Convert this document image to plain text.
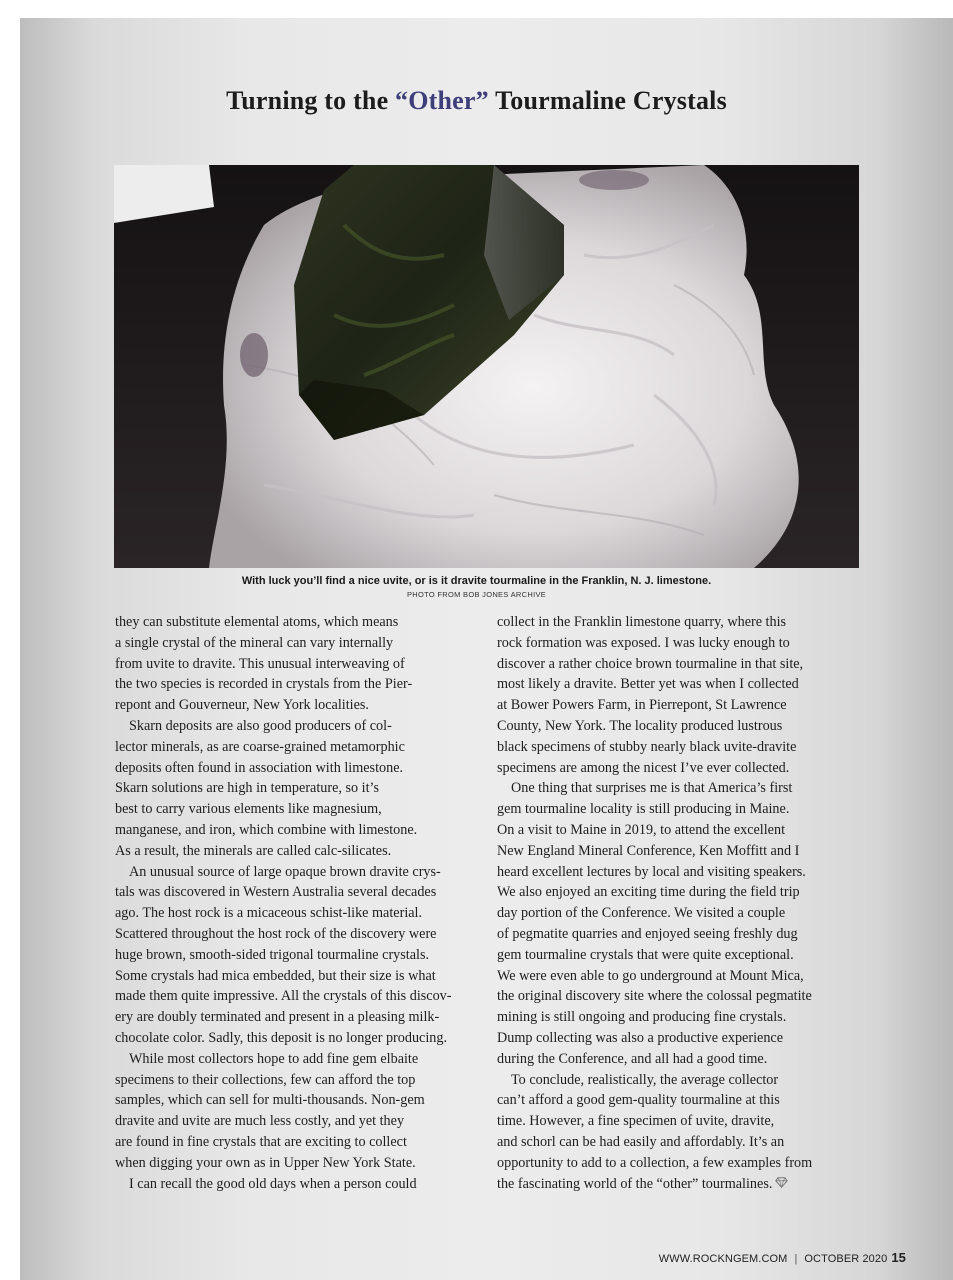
Turning to the “Other” Tourmaline Crystals
With luck you’ll find a nice uvite, or is it dravite tourmaline in the Franklin, N. J. limestone.
PHOTO FROM BOB JONES ARCHIVE

they can substitute elemental atoms, which means
a single crystal of the mineral can vary internally
from uvite to dravite. This unusual interweaving of
the two species is recorded in crystals from the Pier-
repont and Gouverneur, New York localities.

Skarn deposits are also good producers of col-
lector minerals, as are coarse-grained metamorphic
deposits often found in association with limestone.
Skarn solutions are high in temperature, so it’s
best to carry various elements like magnesium,
manganese, and iron, which combine with limestone.
As a result, the minerals are called calc-silicates.

An unusual source of large opaque brown dravite crys-
tals was discovered in Western Australia several decades
ago. The host rock is a micaceous schist-like material.
Scattered throughout the host rock of the discovery were
huge brown, smooth-sided trigonal tourmaline crystals.
Some crystals had mica embedded, but their size is what
made them quite impressive. All the crystals of this discov-
ery are doubly terminated and present in a pleasing milk-
chocolate color. Sadly, this deposit is no longer producing.

While most collectors hope to add fine gem elbaite
specimens to their collections, few can afford the top
samples, which can sell for multi-thousands. Non-gem
dravite and uvite are much less costly, and yet they
are found in fine crystals that are exciting to collect
when digging your own as in Upper New York State.

I can recall the good old days when a person could

collect in the Franklin limestone quarry, where this
rock formation was exposed. I was lucky enough to
discover a rather choice brown tourmaline in that site,
most likely a dravite. Better yet was when I collected
at Bower Powers Farm, in Pierrepont, St Lawrence
County, New York. The locality produced lustrous
black specimens of stubby nearly black uvite-dravite
specimens are among the nicest I’ve ever collected.

One thing that surprises me is that America’s first
gem tourmaline locality is still producing in Maine.
On a visit to Maine in 2019, to attend the excellent
New England Mineral Conference, Ken Moffitt and I
heard excellent lectures by local and visiting speakers.
We also enjoyed an exciting time during the field trip
day portion of the Conference. We visited a couple
of pegmatite quarries and enjoyed seeing freshly dug
gem tourmaline crystals that were quite exceptional.
We were even able to go underground at Mount Mica,
the original discovery site where the colossal pegmatite
mining is still ongoing and producing fine crystals.
Dump collecting was also a productive experience
during the Conference, and all had a good time.

To conclude, realistically, the average collector
can’t afford a good gem-quality tourmaline at this
time. However, a fine specimen of uvite, dravite,
and schorl can be had easily and affordably. It’s an
opportunity to add to a collection, a few examples from
the fascinating world of the “other” tourmalines.

WWW.ROCKNGEM.COM | OCTOBER 2020 15
